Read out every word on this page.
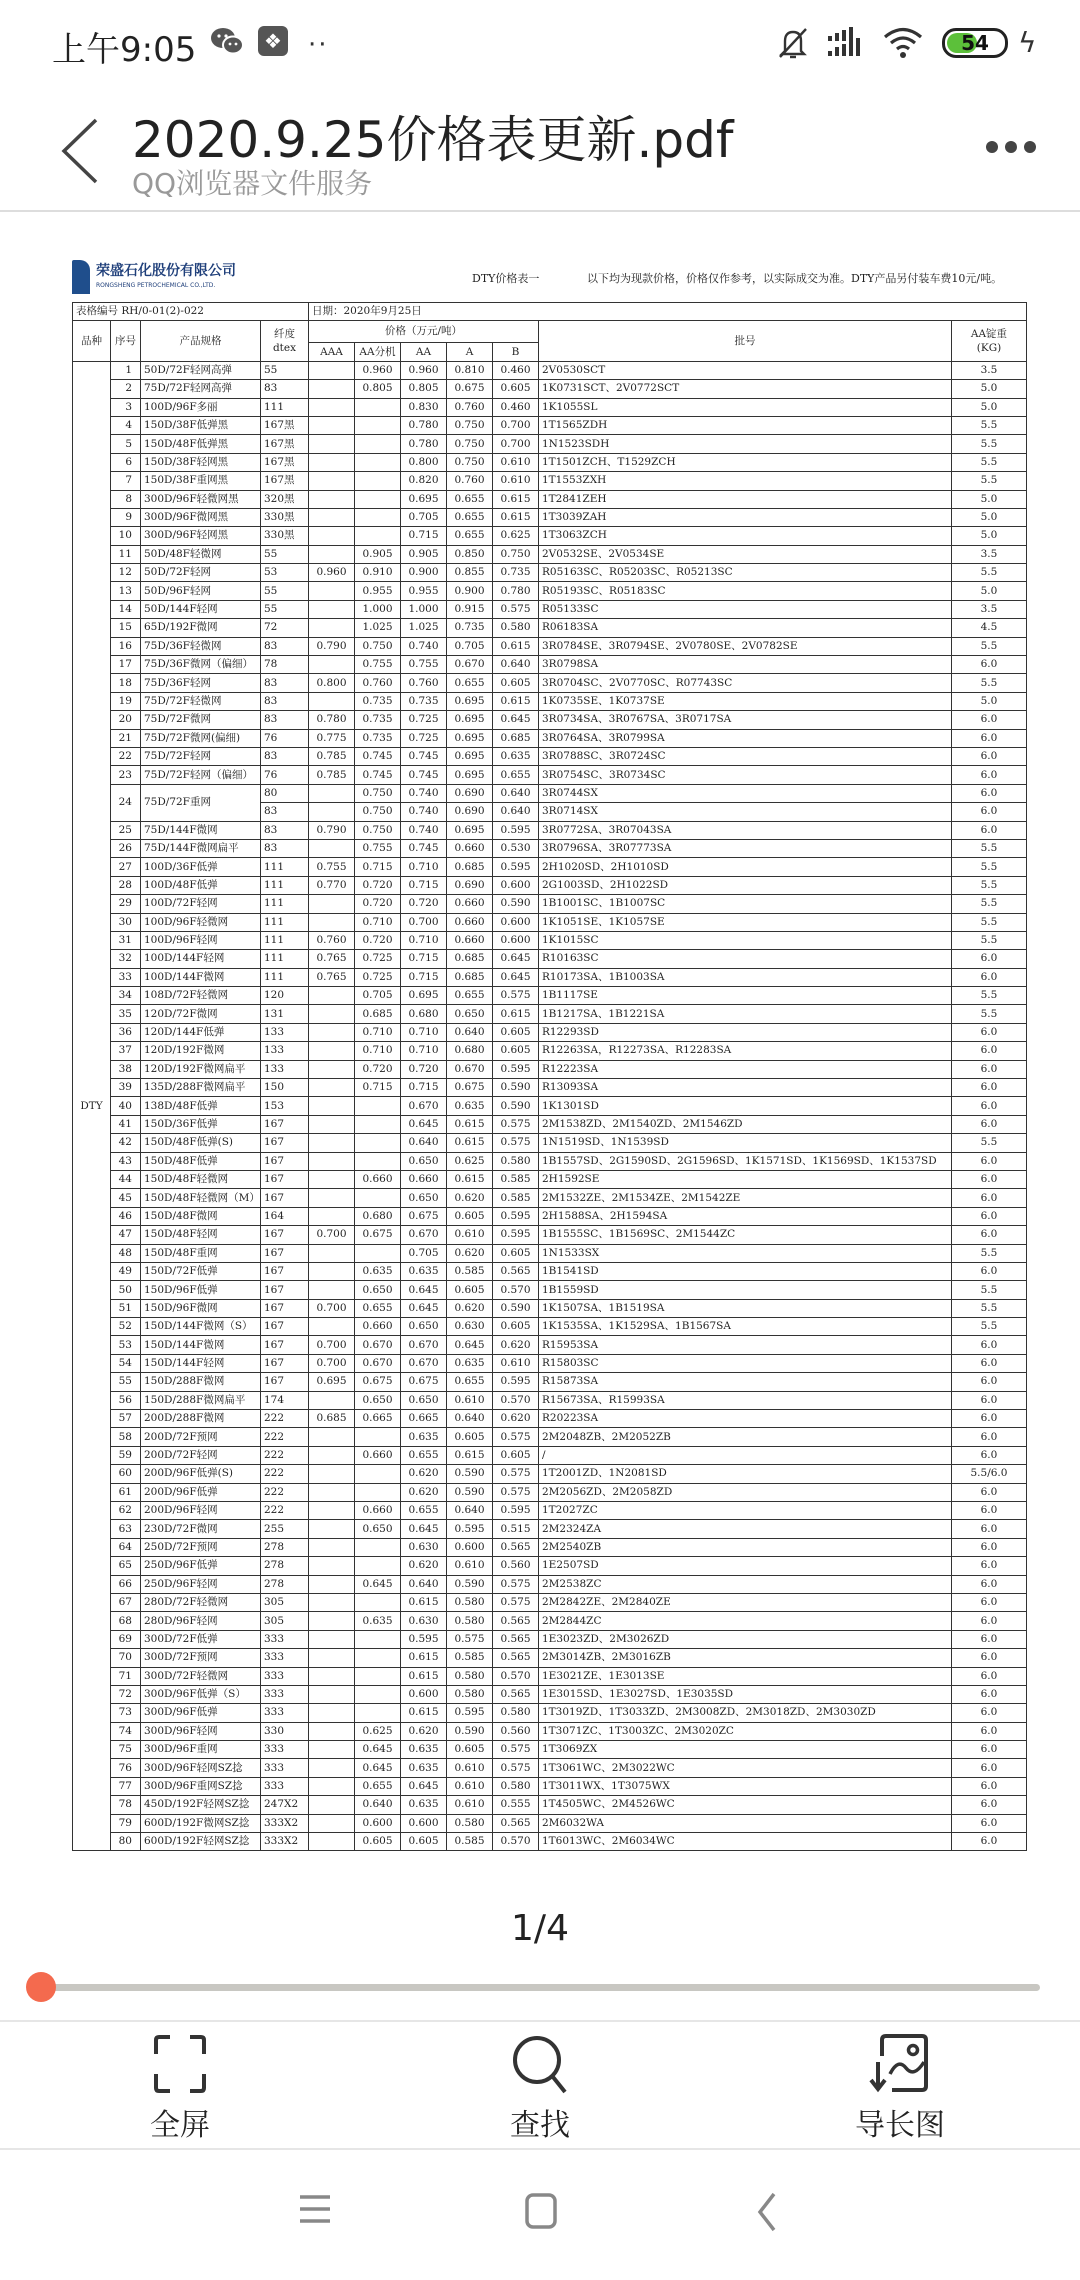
上午9:05	❖ ··	54	ϟ
2020.9.25价格表更新.pdf
QQ浏览器文件服务
荣盛石化股份有限公司
RONGSHENG PETROCHEMICAL CO.,LTD.
DTY价格表一	以下均为现款价格，价格仅作参考，以实际成交为准。DTY产品另付装车费10元/吨。
表格编号 RH/0-01(2)-022				日期：2020年9月25日						
品种	序号	产品规格	纤度
dtex	价格（万元/吨）					批号	AA锭重
(KG)
				AAA	AA分机	AA	A	B		
DTY	1	50D/72F轻网高弹	55		0.960	0.960	0.810	0.460	2V0530SCT	3.5
	2	75D/72F轻网高弹	83		0.805	0.805	0.675	0.605	1K0731SCT、2V0772SCT	5.0
	3	100D/96F多丽	111			0.830	0.760	0.460	1K1055SL	5.0
	4	150D/38F低弹黑	167黑			0.780	0.750	0.700	1T1565ZDH	5.5
	5	150D/48F低弹黑	167黑			0.780	0.750	0.700	1N1523SDH	5.5
	6	150D/38F轻网黑	167黑			0.800	0.750	0.610	1T1501ZCH、T1529ZCH	5.5
	7	150D/38F重网黑	167黑			0.820	0.760	0.610	1T1553ZXH	5.5
	8	300D/96F轻微网黑	320黑			0.695	0.655	0.615	1T2841ZEH	5.0
	9	300D/96F微网黑	330黑			0.705	0.655	0.615	1T3039ZAH	5.0
	10	300D/96F轻网黑	330黑			0.715	0.655	0.625	1T3063ZCH	5.0
	11	50D/48F轻微网	55		0.905	0.905	0.850	0.750	2V0532SE、2V0534SE	3.5
	12	50D/72F轻网	53	0.960	0.910	0.900	0.855	0.735	R05163SC、R05203SC、R05213SC	5.5
	13	50D/96F轻网	55		0.955	0.955	0.900	0.780	R05193SC、R05183SC	5.0
	14	50D/144F轻网	55		1.000	1.000	0.915	0.575	R05133SC	3.5
	15	65D/192F微网	72		1.025	1.025	0.735	0.580	R06183SA	4.5
	16	75D/36F轻微网	83	0.790	0.750	0.740	0.705	0.615	3R0784SE、3R0794SE、2V0780SE、2V0782SE	5.5
	17	75D/36F微网（偏细）	78		0.755	0.755	0.670	0.640	3R0798SA	6.0
	18	75D/36F轻网	83	0.800	0.760	0.760	0.655	0.605	3R0704SC、2V0770SC、R07743SC	5.5
	19	75D/72F轻微网	83		0.735	0.735	0.695	0.615	1K0735SE、1K0737SE	5.0
	20	75D/72F微网	83	0.780	0.735	0.725	0.695	0.645	3R0734SA、3R0767SA、3R0717SA	6.0
	21	75D/72F微网(偏细)	76	0.775	0.735	0.725	0.695	0.685	3R0764SA、3R0799SA	6.0
	22	75D/72F轻网	83	0.785	0.745	0.745	0.695	0.635	3R0788SC、3R0724SC	6.0
	23	75D/72F轻网（偏细）	76	0.785	0.745	0.745	0.695	0.655	3R0754SC、3R0734SC	6.0
	24	75D/72F重网	80		0.750	0.740	0.690	0.640	3R0744SX	6.0
			83		0.750	0.740	0.690	0.640	3R0714SX	6.0
	25	75D/144F微网	83	0.790	0.750	0.740	0.695	0.595	3R0772SA、3R07043SA	6.0
	26	75D/144F微网扁平	83		0.755	0.745	0.660	0.530	3R0796SA、3R07773SA	5.5
	27	100D/36F低弹	111	0.755	0.715	0.710	0.685	0.595	2H1020SD、2H1010SD	5.5
	28	100D/48F低弹	111	0.770	0.720	0.715	0.690	0.600	2G1003SD、2H1022SD	5.5
	29	100D/72F轻网	111		0.720	0.720	0.660	0.590	1B1001SC、1B1007SC	5.5
	30	100D/96F轻微网	111		0.710	0.700	0.660	0.600	1K1051SE、1K1057SE	5.5
	31	100D/96F轻网	111	0.760	0.720	0.710	0.660	0.600	1K1015SC	5.5
	32	100D/144F轻网	111	0.765	0.725	0.715	0.685	0.645	R10163SC	6.0
	33	100D/144F微网	111	0.765	0.725	0.715	0.685	0.645	R10173SA、1B1003SA	6.0
	34	108D/72F轻微网	120		0.705	0.695	0.655	0.575	1B1117SE	5.5
	35	120D/72F微网	131		0.685	0.680	0.650	0.615	1B1217SA、1B1221SA	5.5
	36	120D/144F低弹	133		0.710	0.710	0.640	0.605	R12293SD	6.0
	37	120D/192F微网	133		0.710	0.710	0.680	0.605	R12263SA，R12273SA、R12283SA	6.0
	38	120D/192F微网扁平	133		0.720	0.720	0.670	0.595	R12223SA	6.0
	39	135D/288F微网扁平	150		0.715	0.715	0.675	0.590	R13093SA	6.0
	40	138D/48F低弹	153			0.670	0.635	0.590	1K1301SD	6.0
	41	150D/36F低弹	167			0.645	0.615	0.575	2M1538ZD、2M1540ZD、2M1546ZD	6.0
	42	150D/48F低弹(S)	167			0.640	0.615	0.575	1N1519SD、1N1539SD	5.5
	43	150D/48F低弹	167			0.650	0.625	0.580	1B1557SD、2G1590SD、2G1596SD、1K1571SD、1K1569SD、1K1537SD	6.0
	44	150D/48F轻微网	167		0.660	0.660	0.615	0.585	2H1592SE	6.0
	45	150D/48F轻微网（M）	167			0.650	0.620	0.585	2M1532ZE、2M1534ZE、2M1542ZE	6.0
	46	150D/48F微网	164		0.680	0.675	0.605	0.595	2H1588SA、2H1594SA	6.0
	47	150D/48F轻网	167	0.700	0.675	0.670	0.610	0.595	1B1555SC、1B1569SC、2M1544ZC	6.0
	48	150D/48F重网	167			0.705	0.620	0.605	1N1533SX	5.5
	49	150D/72F低弹	167		0.635	0.635	0.585	0.565	1B1541SD	6.0
	50	150D/96F低弹	167		0.650	0.645	0.605	0.570	1B1559SD	5.5
	51	150D/96F微网	167	0.700	0.655	0.645	0.620	0.590	1K1507SA、1B1519SA	5.5
	52	150D/144F微网（S）	167		0.660	0.650	0.630	0.605	1K1535SA、1K1529SA、1B1567SA	5.5
	53	150D/144F微网	167	0.700	0.670	0.670	0.645	0.620	R15953SA	6.0
	54	150D/144F轻网	167	0.700	0.670	0.670	0.635	0.610	R15803SC	6.0
	55	150D/288F微网	167	0.695	0.675	0.675	0.655	0.595	R15873SA	6.0
	56	150D/288F微网扁平	174		0.650	0.650	0.610	0.570	R15673SA、R15993SA	6.0
	57	200D/288F微网	222	0.685	0.665	0.665	0.640	0.620	R20223SA	6.0
	58	200D/72F预网	222			0.635	0.605	0.575	2M2048ZB、2M2052ZB	6.0
	59	200D/72F轻网	222		0.660	0.655	0.615	0.605	/	6.0
	60	200D/96F低弹(S)	222			0.620	0.590	0.575	1T2001ZD、1N2081SD	5.5/6.0
	61	200D/96F低弹	222			0.620	0.590	0.575	2M2056ZD、2M2058ZD	6.0
	62	200D/96F轻网	222		0.660	0.655	0.640	0.595	1T2027ZC	6.0
	63	230D/72F微网	255		0.650	0.645	0.595	0.515	2M2324ZA	6.0
	64	250D/72F预网	278			0.630	0.600	0.565	2M2540ZB	6.0
	65	250D/96F低弹	278			0.620	0.610	0.560	1E2507SD	6.0
	66	250D/96F轻网	278		0.645	0.640	0.590	0.575	2M2538ZC	6.0
	67	280D/72F轻微网	305			0.615	0.580	0.575	2M2842ZE、2M2840ZE	6.0
	68	280D/96F轻网	305		0.635	0.630	0.580	0.565	2M2844ZC	6.0
	69	300D/72F低弹	333			0.595	0.575	0.565	1E3023ZD、2M3026ZD	6.0
	70	300D/72F预网	333			0.615	0.585	0.565	2M3014ZB、2M3016ZB	6.0
	71	300D/72F轻微网	333			0.615	0.580	0.570	1E3021ZE、1E3013SE	6.0
	72	300D/96F低弹（S）	333			0.600	0.580	0.565	1E3015SD、1E3027SD、1E3035SD	6.0
	73	300D/96F低弹	333			0.615	0.595	0.580	1T3019ZD、1T3033ZD、2M3008ZD、2M3018ZD、2M3030ZD	6.0
	74	300D/96F轻网	330		0.625	0.620	0.590	0.560	1T3071ZC、1T3003ZC、2M3020ZC	6.0
	75	300D/96F重网	333		0.645	0.635	0.605	0.575	1T3069ZX	6.0
	76	300D/96F轻网SZ捻	333		0.645	0.635	0.610	0.575	1T3061WC、2M3022WC	6.0
	77	300D/96F重网SZ捻	333		0.655	0.645	0.610	0.580	1T3011WX、1T3075WX	6.0
	78	450D/192F轻网SZ捻	247X2		0.640	0.635	0.610	0.555	1T4505WC、2M4526WC	6.0
	79	600D/192F微网SZ捻	333X2		0.600	0.600	0.580	0.565	2M6032WA	6.0
	80	600D/192F轻网SZ捻	333X2		0.605	0.605	0.585	0.570	1T6013WC、2M6034WC	6.0
1/4
全屏	查找	导长图
